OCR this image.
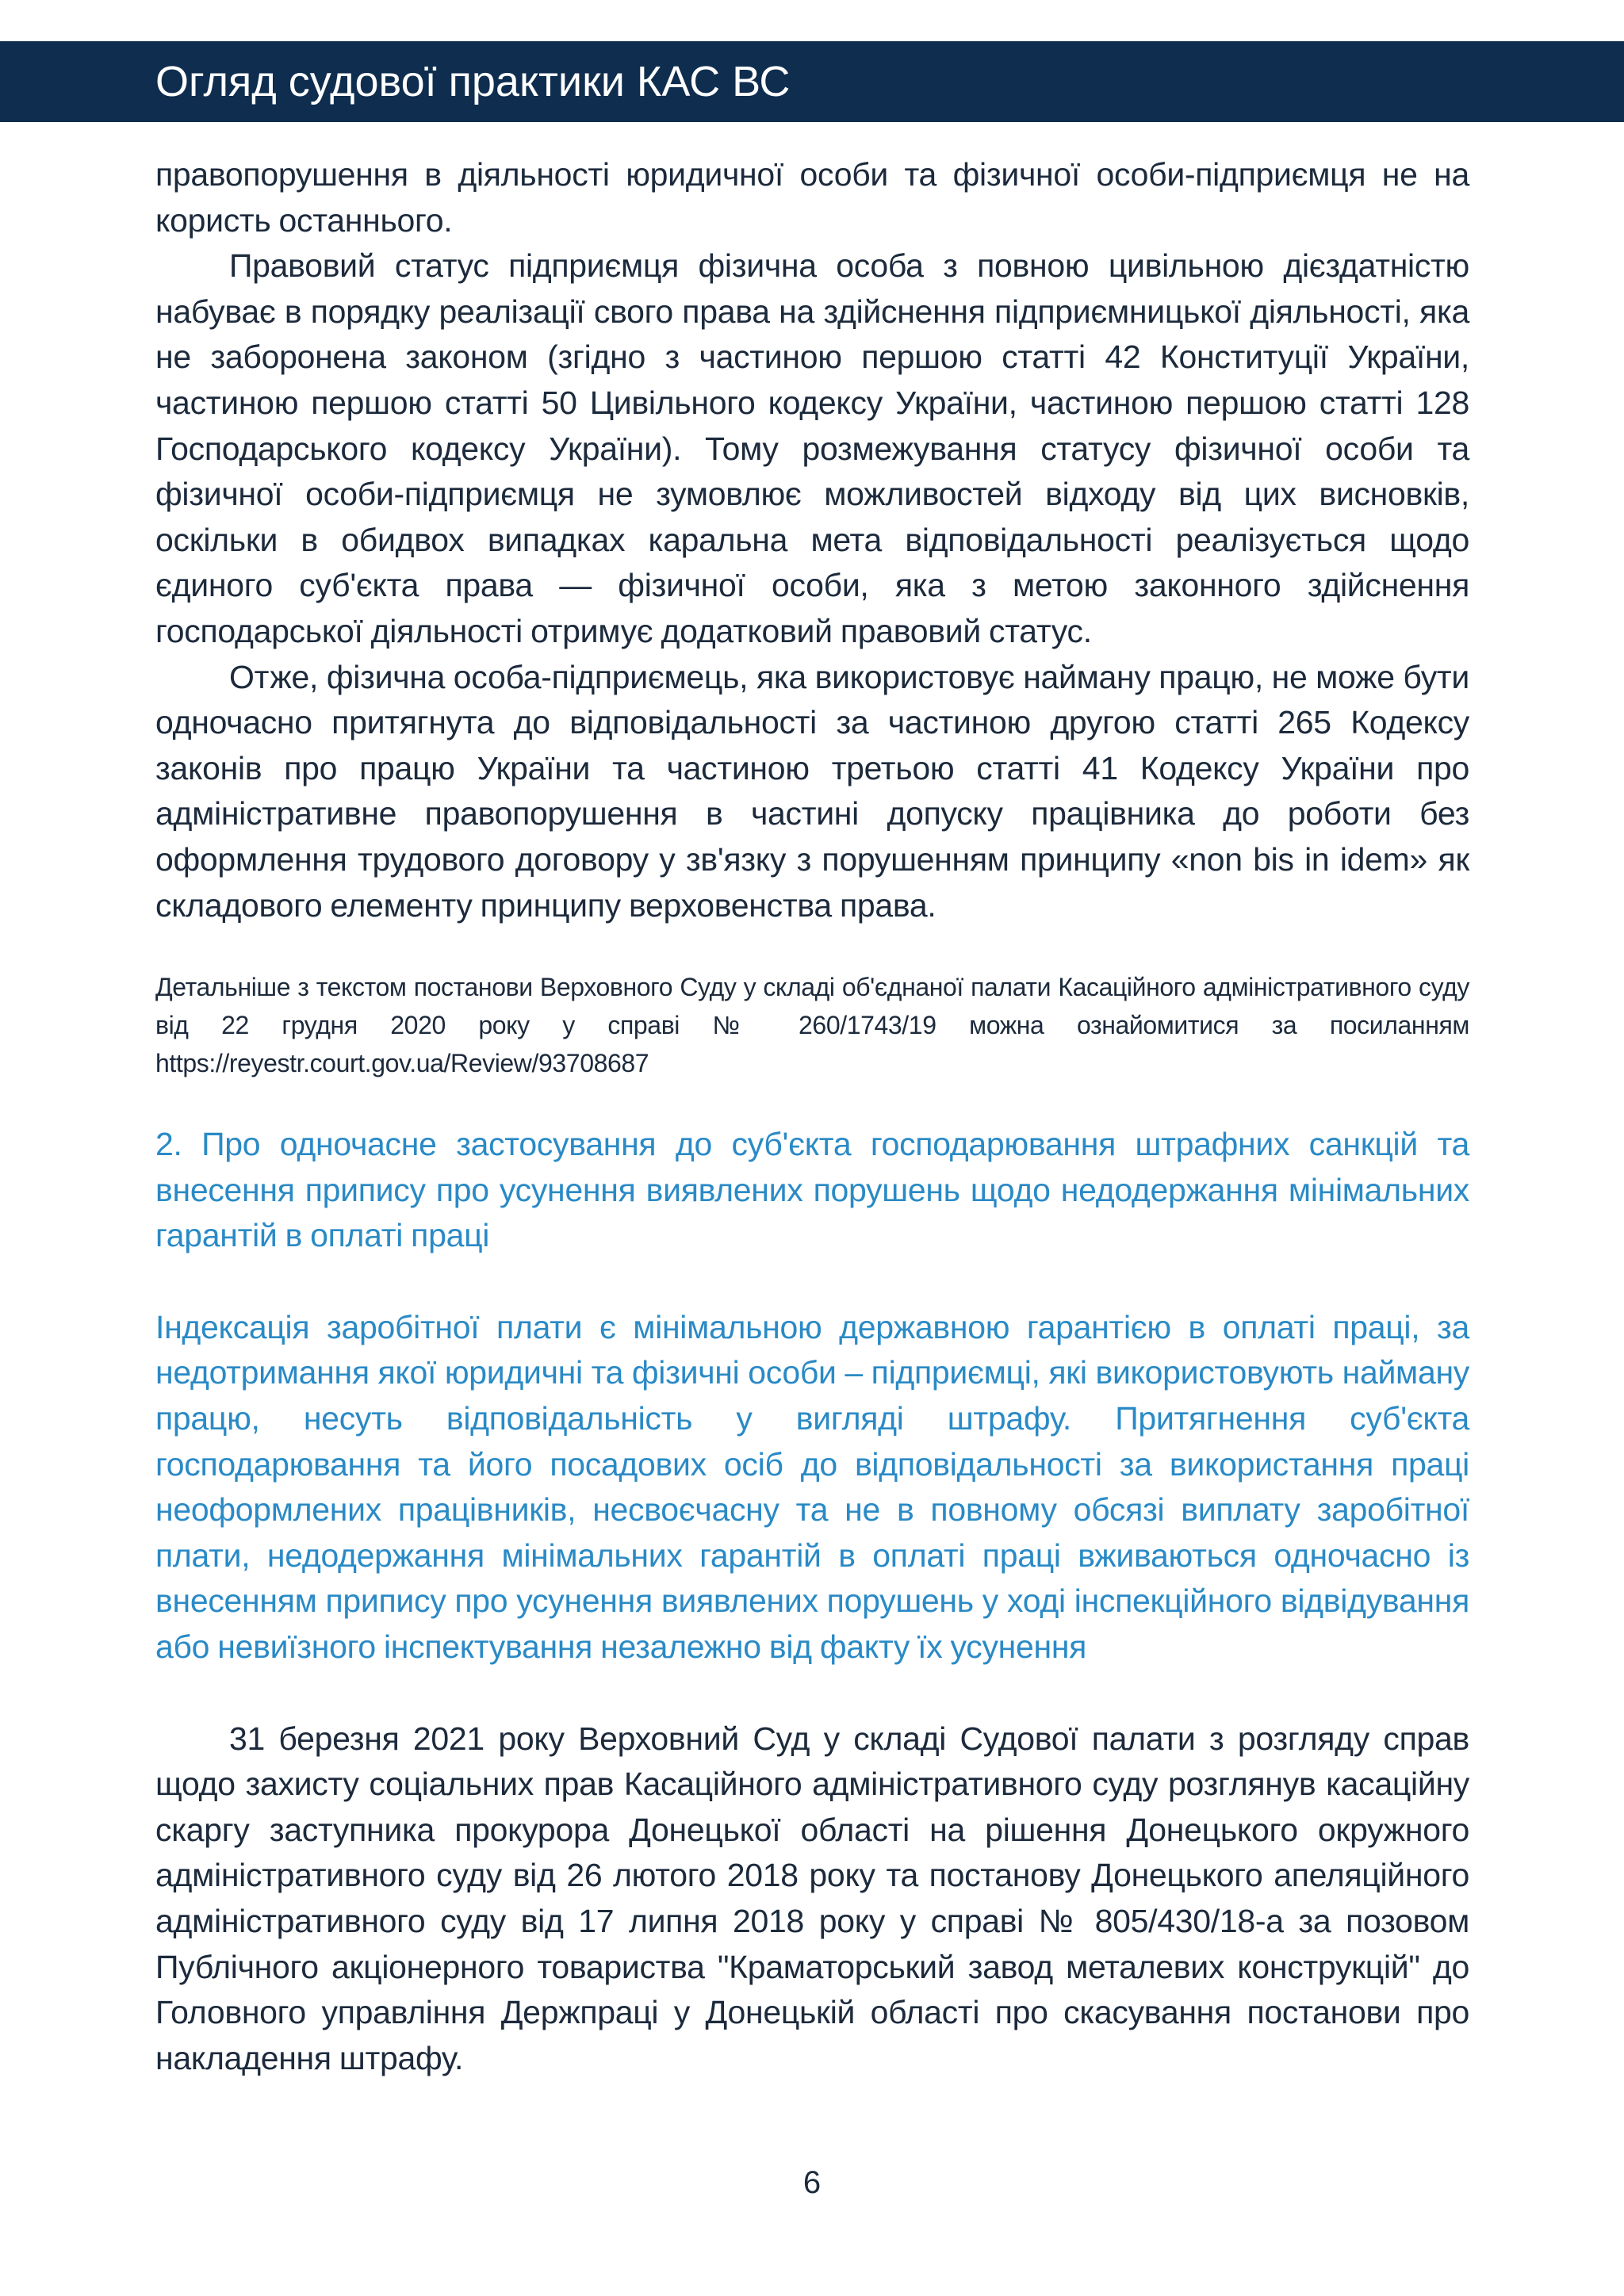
Огляд судової практики КАС ВС

правопорушення в діяльності юридичної особи та фізичної особи-підприємця не на користь останнього.

Правовий статус підприємця фізична особа з повною цивільною дієздатністю набуває в порядку реалізації свого права на здійснення підприємницької діяльності, яка не заборонена законом (згідно з частиною першою статті 42 Конституції України, частиною першою статті 50 Цивільного кодексу України, частиною першою статті 128 Господарського кодексу України). Тому розмежування статусу фізичної особи та фізичної особи-підприємця не зумовлює можливостей відходу від цих висновків, оскільки в обидвох випадках каральна мета відповідальності реалізується щодо єдиного суб'єкта права — фізичної особи, яка з метою законного здійснення господарської діяльності отримує додатковий правовий статус.

Отже, фізична особа-підприємець, яка використовує найману працю, не може бути одночасно притягнута до відповідальності за частиною другою статті 265 Кодексу законів про працю України та частиною третьою статті 41 Кодексу України про адміністративне правопорушення в частині допуску працівника до роботи без оформлення трудового договору у зв'язку з порушенням принципу «non bis in idem» як складового елементу принципу верховенства права.

Детальніше з текстом постанови Верховного Суду у складі об'єднаної палати Касаційного адміністративного суду від 22 грудня 2020 року у справі № 260/1743/19 можна ознайомитися за посиланням https://reyestr.court.gov.ua/Review/93708687

2. Про одночасне застосування до суб'єкта господарювання штрафних санкцій та внесення припису про усунення виявлених порушень щодо недодержання мінімальних гарантій в оплаті праці

Індексація заробітної плати є мінімальною державною гарантією в оплаті праці, за недотримання якої юридичні та фізичні особи – підприємці, які використовують найману працю, несуть відповідальність у вигляді штрафу. Притягнення суб'єкта господарювання та його посадових осіб до відповідальності за використання праці неоформлених працівників, несвоєчасну та не в повному обсязі виплату заробітної плати, недодержання мінімальних гарантій в оплаті праці вживаються одночасно із внесенням припису про усунення виявлених порушень у ході інспекційного відвідування або невиїзного інспектування незалежно від факту їх усунення

31 березня 2021 року Верховний Суд у складі Судової палати з розгляду справ щодо захисту соціальних прав Касаційного адміністративного суду розглянув касаційну скаргу заступника прокурора Донецької області на рішення Донецького окружного адміністративного суду від 26 лютого 2018 року та постанову Донецького апеляційного адміністративного суду від 17 липня 2018 року у справі № 805/430/18-а за позовом Публічного акціонерного товариства "Краматорський завод металевих конструкцій" до Головного управління Держпраці у Донецькій області про скасування постанови про накладення штрафу.

6
